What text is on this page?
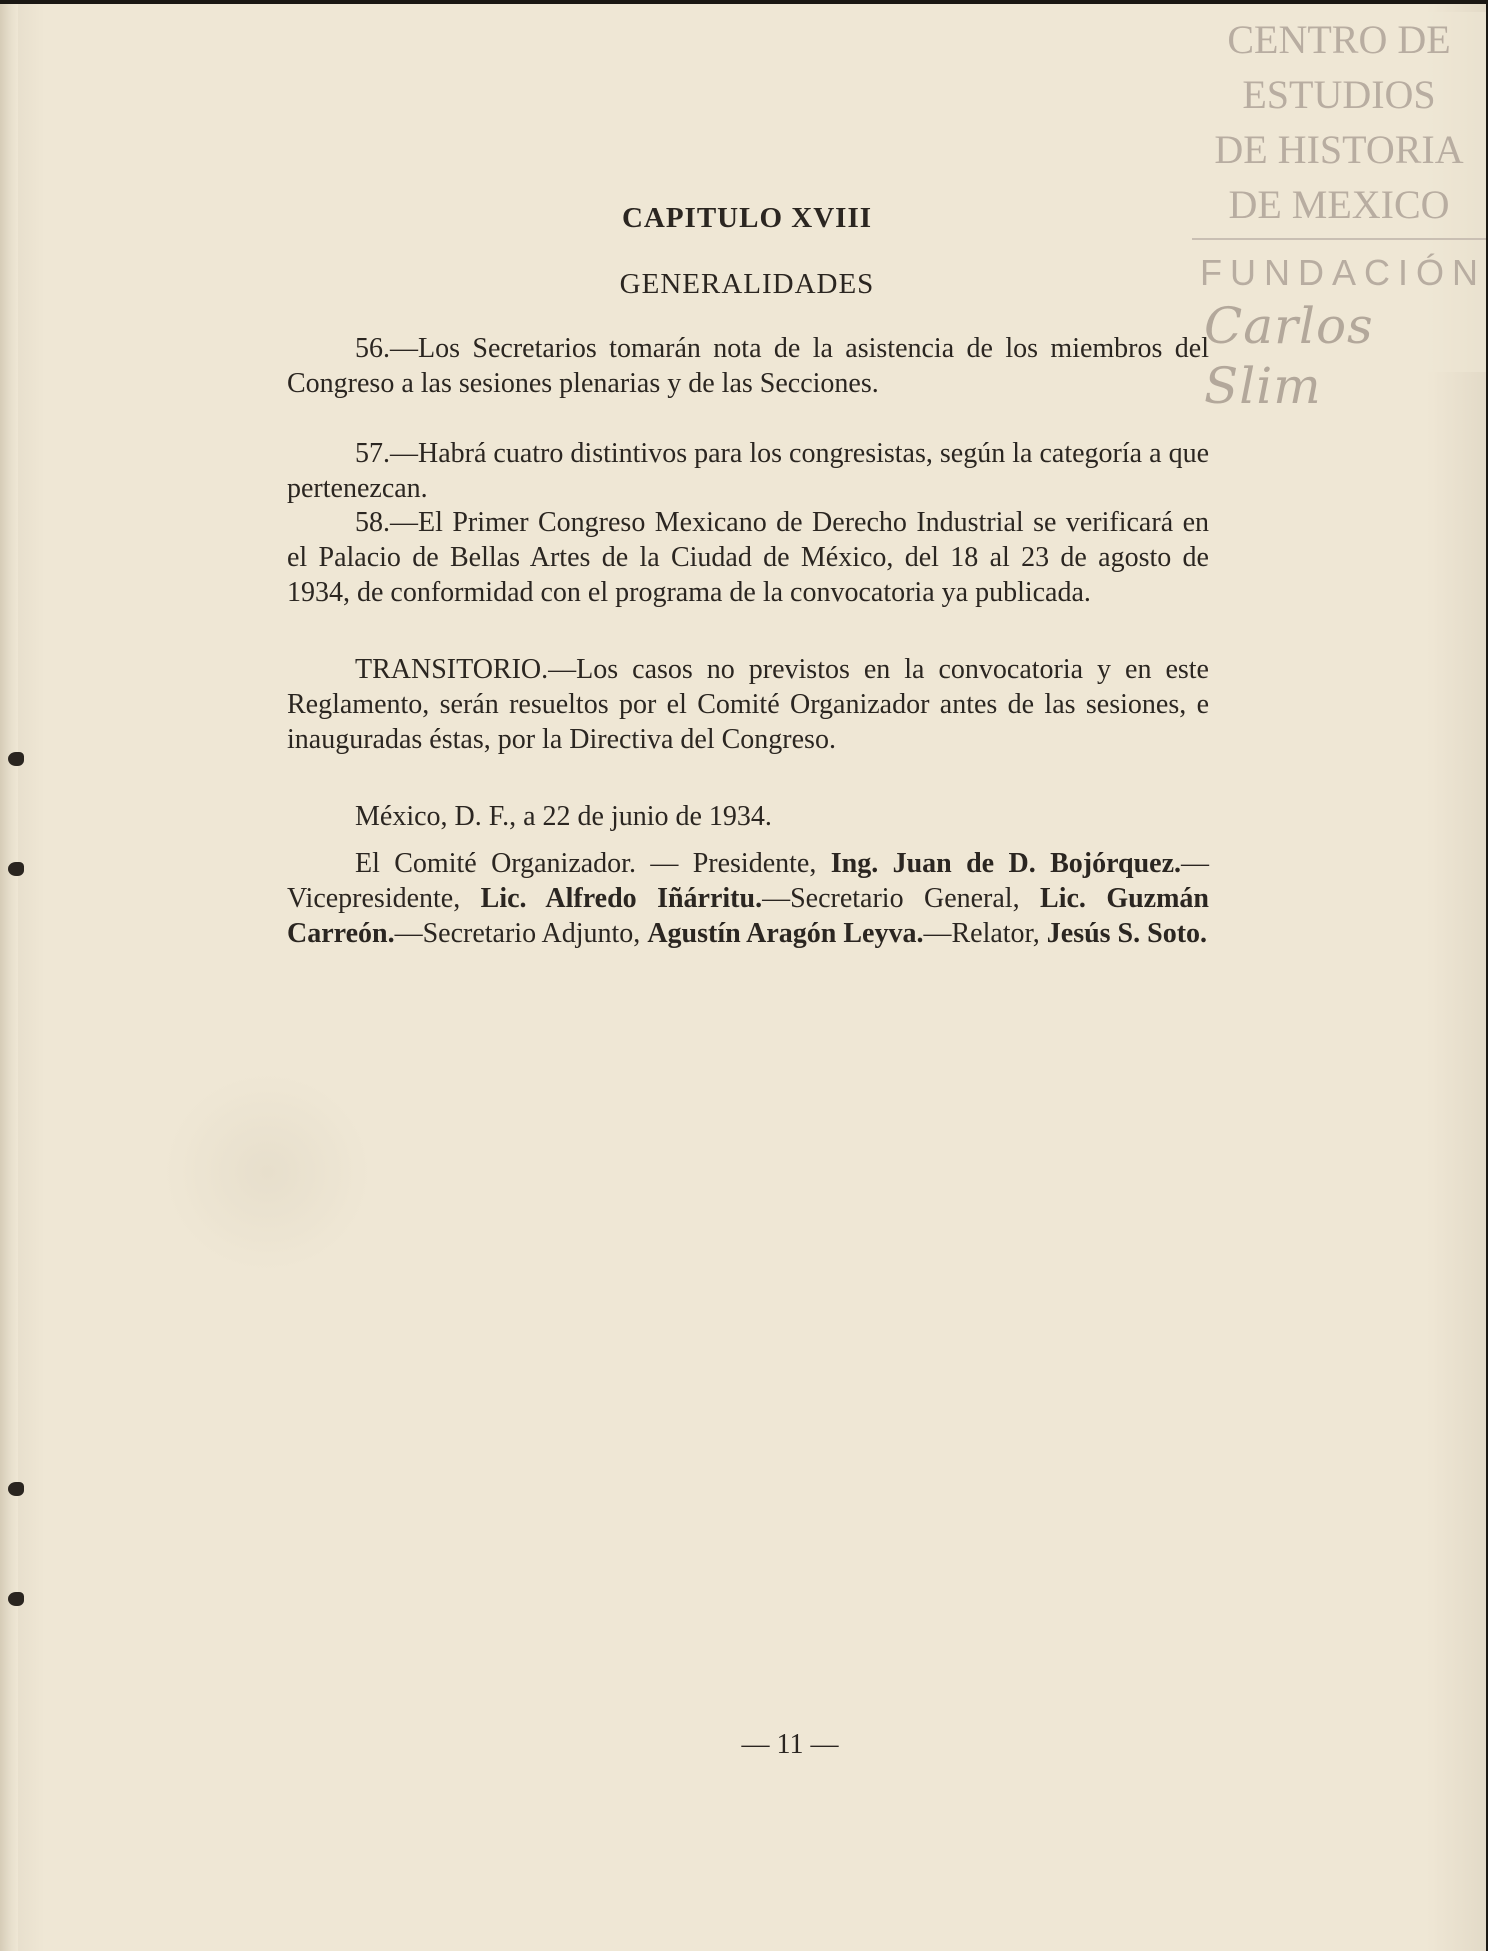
CENTRO DE
ESTUDIOS
DE HISTORIA
DE MEXICO
FUNDACIÓN
Carlos Slim
CAPITULO XVIII
GENERALIDADES

56.—Los Secretarios tomarán nota de la asistencia de los miembros del Congreso a las sesiones plenarias y de las Secciones.

57.—Habrá cuatro distintivos para los congresistas, según la categoría a que pertenezcan.

58.—El Primer Congreso Mexicano de Derecho Industrial se verificará en el Palacio de Bellas Artes de la Ciudad de México, del 18 al 23 de agosto de 1934, de conformidad con el programa de la convocatoria ya publicada.

TRANSITORIO.—Los casos no previstos en la convocatoria y en este Reglamento, serán resueltos por el Comité Organizador antes de las sesiones, e inauguradas éstas, por la Directiva del Congreso.

México, D. F., a 22 de junio de 1934.

El Comité Organizador. — Presidente, Ing. Juan de D. Bojórquez.—Vicepresidente, Lic. Alfredo Iñárritu.—Secretario General, Lic. Guzmán Carreón.—Secretario Adjunto, Agustín Aragón Leyva.—Relator, Jesús S. Soto.

— 11 —
